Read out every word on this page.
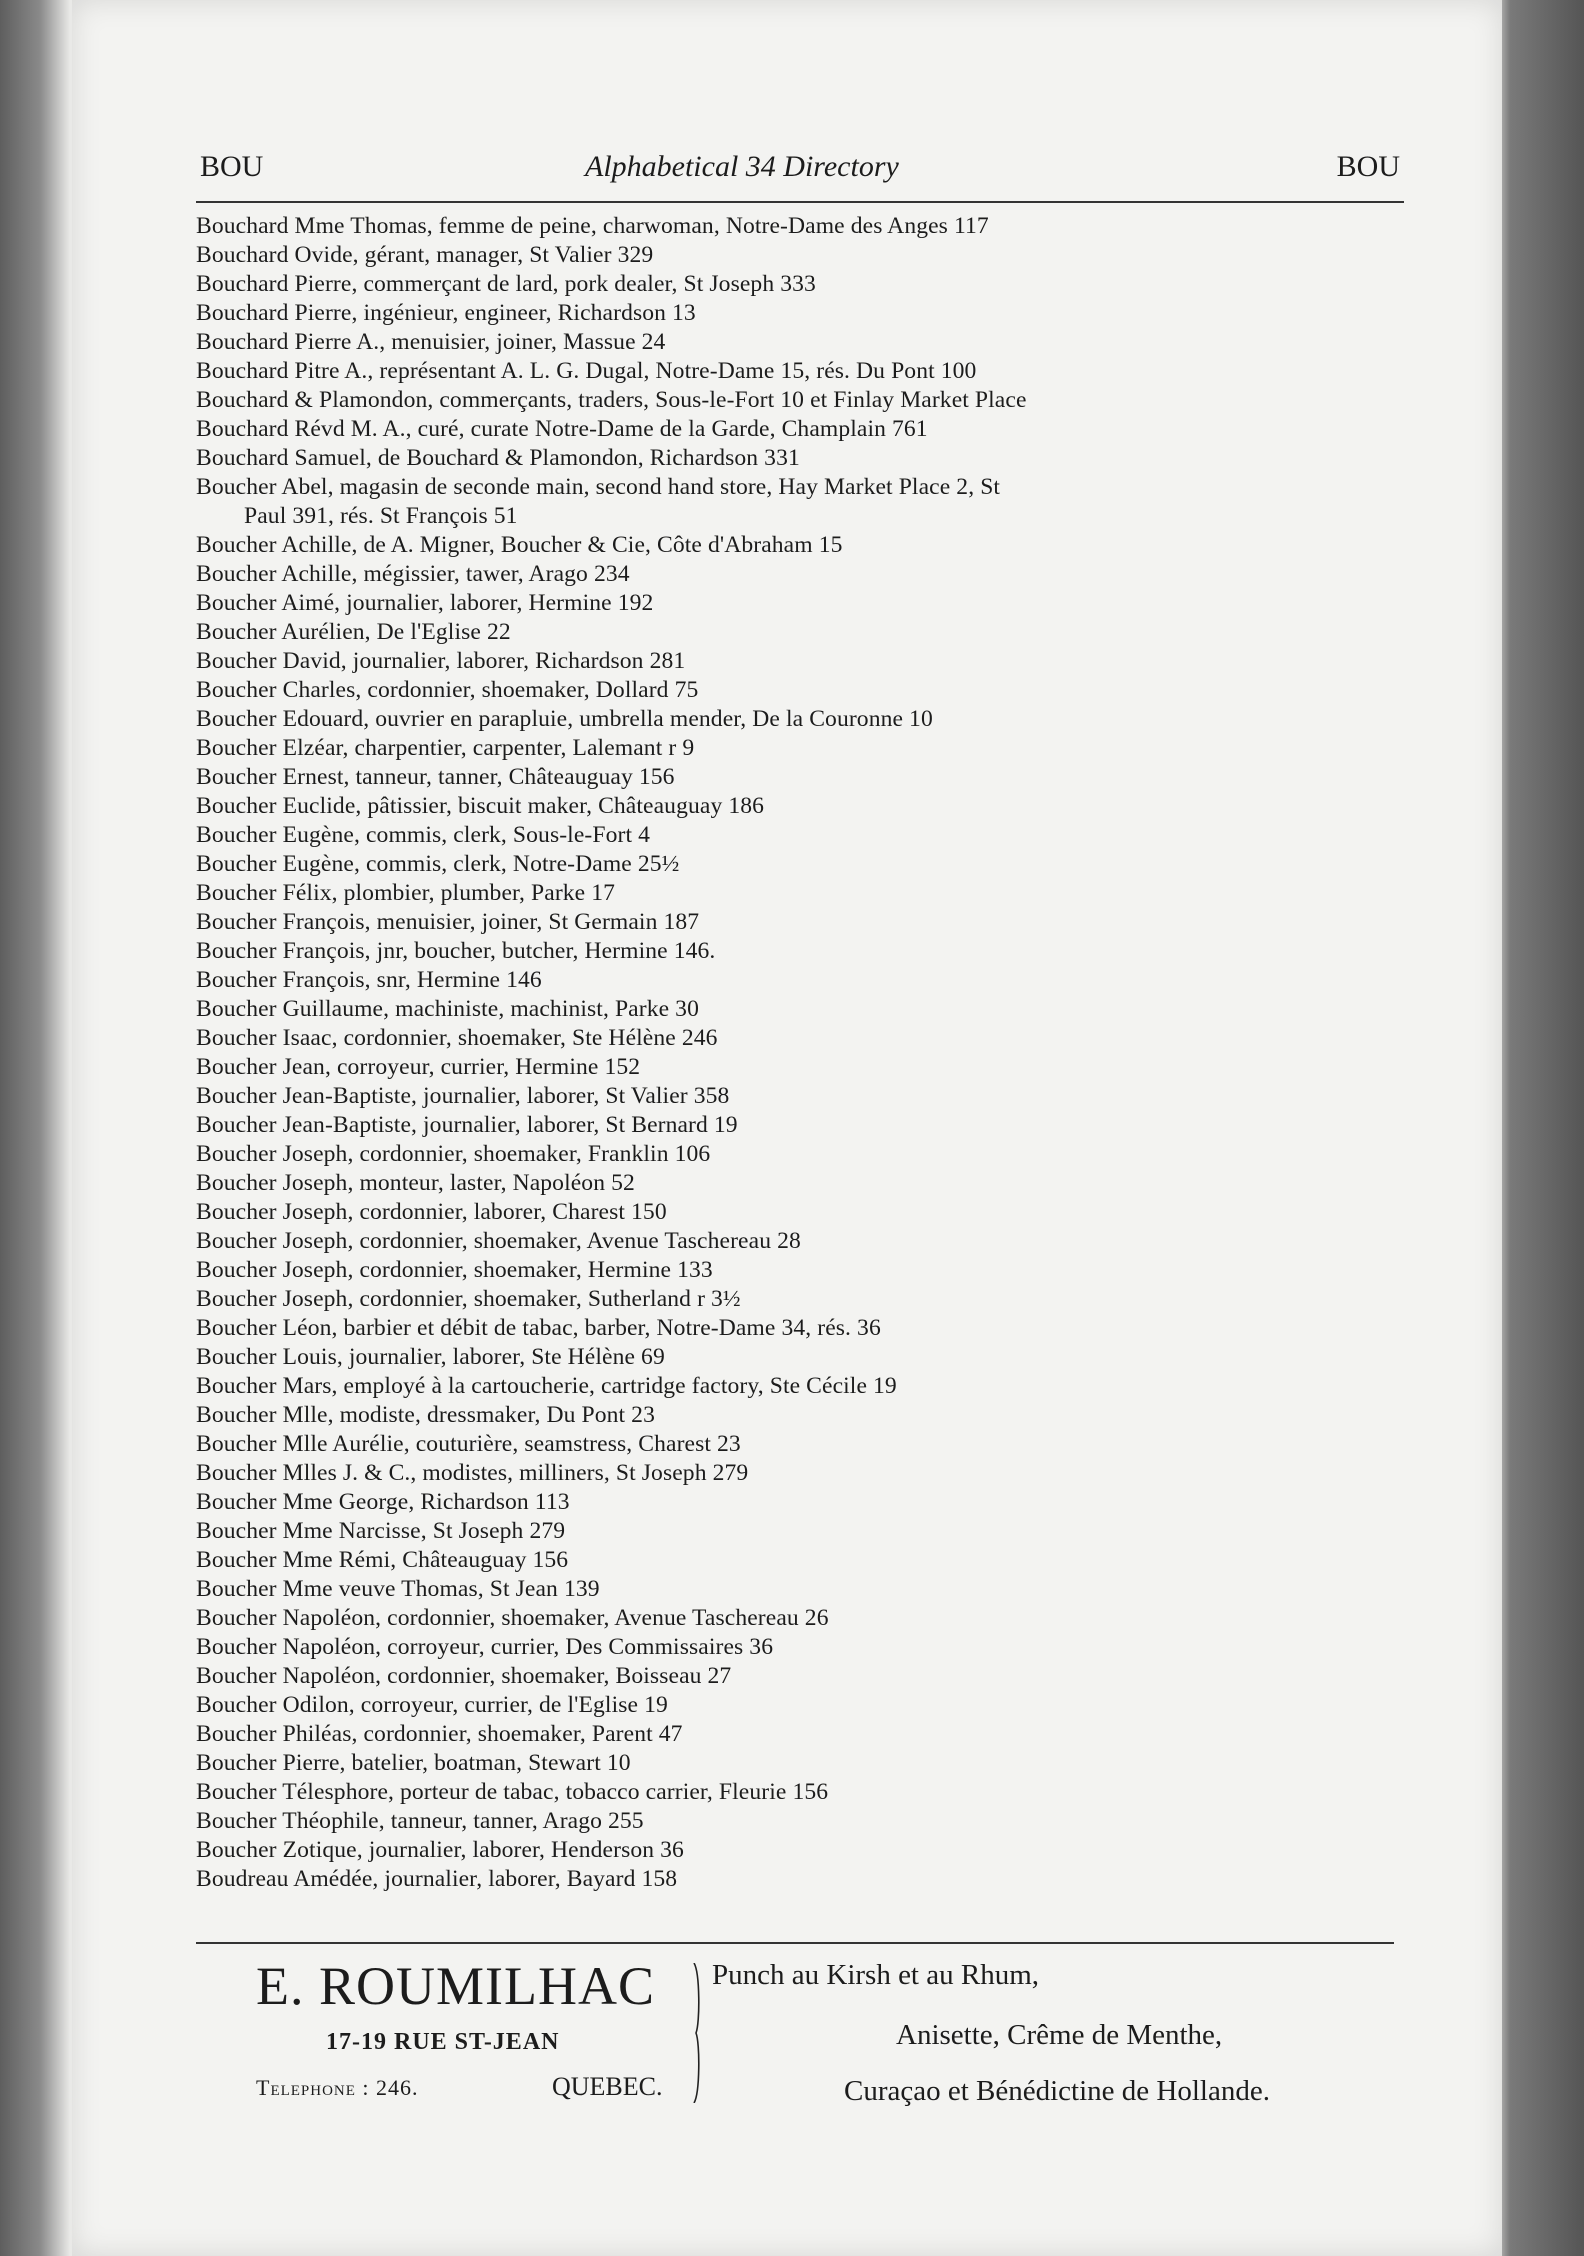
BOU	Alphabetical 34 Directory	BOU
Bouchard Mme Thomas, femme de peine, charwoman, Notre-Dame des Anges 117
Bouchard Ovide, gérant, manager, St Valier 329
Bouchard Pierre, commerçant de lard, pork dealer, St Joseph 333
Bouchard Pierre, ingénieur, engineer, Richardson 13
Bouchard Pierre A., menuisier, joiner, Massue 24
Bouchard Pitre A., représentant A. L. G. Dugal, Notre-Dame 15, rés. Du Pont 100
Bouchard & Plamondon, commerçants, traders, Sous-le-Fort 10 et Finlay Market Place
Bouchard Révd M. A., curé, curate Notre-Dame de la Garde, Champlain 761
Bouchard Samuel, de Bouchard & Plamondon, Richardson 331
Boucher Abel, magasin de seconde main, second hand store, Hay Market Place 2, St
Paul 391, rés. St François 51
Boucher Achille, de A. Migner, Boucher & Cie, Côte d'Abraham 15
Boucher Achille, mégissier, tawer, Arago 234
Boucher Aimé, journalier, laborer, Hermine 192
Boucher Aurélien, De l'Eglise 22
Boucher David, journalier, laborer, Richardson 281
Boucher Charles, cordonnier, shoemaker, Dollard 75
Boucher Edouard, ouvrier en parapluie, umbrella mender, De la Couronne 10
Boucher Elzéar, charpentier, carpenter, Lalemant r 9
Boucher Ernest, tanneur, tanner, Châteauguay 156
Boucher Euclide, pâtissier, biscuit maker, Châteauguay 186
Boucher Eugène, commis, clerk, Sous-le-Fort 4
Boucher Eugène, commis, clerk, Notre-Dame 25½
Boucher Félix, plombier, plumber, Parke 17
Boucher François, menuisier, joiner, St Germain 187
Boucher François, jnr, boucher, butcher, Hermine 146.
Boucher François, snr, Hermine 146
Boucher Guillaume, machiniste, machinist, Parke 30
Boucher Isaac, cordonnier, shoemaker, Ste Hélène 246
Boucher Jean, corroyeur, currier, Hermine 152
Boucher Jean-Baptiste, journalier, laborer, St Valier 358
Boucher Jean-Baptiste, journalier, laborer, St Bernard 19
Boucher Joseph, cordonnier, shoemaker, Franklin 106
Boucher Joseph, monteur, laster, Napoléon 52
Boucher Joseph, cordonnier, laborer, Charest 150
Boucher Joseph, cordonnier, shoemaker, Avenue Taschereau 28
Boucher Joseph, cordonnier, shoemaker, Hermine 133
Boucher Joseph, cordonnier, shoemaker, Sutherland r 3½
Boucher Léon, barbier et débit de tabac, barber, Notre-Dame 34, rés. 36
Boucher Louis, journalier, laborer, Ste Hélène 69
Boucher Mars, employé à la cartoucherie, cartridge factory, Ste Cécile 19
Boucher Mlle, modiste, dressmaker, Du Pont 23
Boucher Mlle Aurélie, couturière, seamstress, Charest 23
Boucher Mlles J. & C., modistes, milliners, St Joseph 279
Boucher Mme George, Richardson 113
Boucher Mme Narcisse, St Joseph 279
Boucher Mme Rémi, Châteauguay 156
Boucher Mme veuve Thomas, St Jean 139
Boucher Napoléon, cordonnier, shoemaker, Avenue Taschereau 26
Boucher Napoléon, corroyeur, currier, Des Commissaires 36
Boucher Napoléon, cordonnier, shoemaker, Boisseau 27
Boucher Odilon, corroyeur, currier, de l'Eglise 19
Boucher Philéas, cordonnier, shoemaker, Parent 47
Boucher Pierre, batelier, boatman, Stewart 10
Boucher Télesphore, porteur de tabac, tobacco carrier, Fleurie 156
Boucher Théophile, tanneur, tanner, Arago 255
Boucher Zotique, journalier, laborer, Henderson 36
Boudreau Amédée, journalier, laborer, Bayard 158
E. ROUMILHAC
17-19 RUE ST-JEAN
Telephone : 246.	QUEBEC.
Punch au Kirsh et au Rhum,
Anisette, Crême de Menthe,
Curaçao et Bénédictine de Hollande.
